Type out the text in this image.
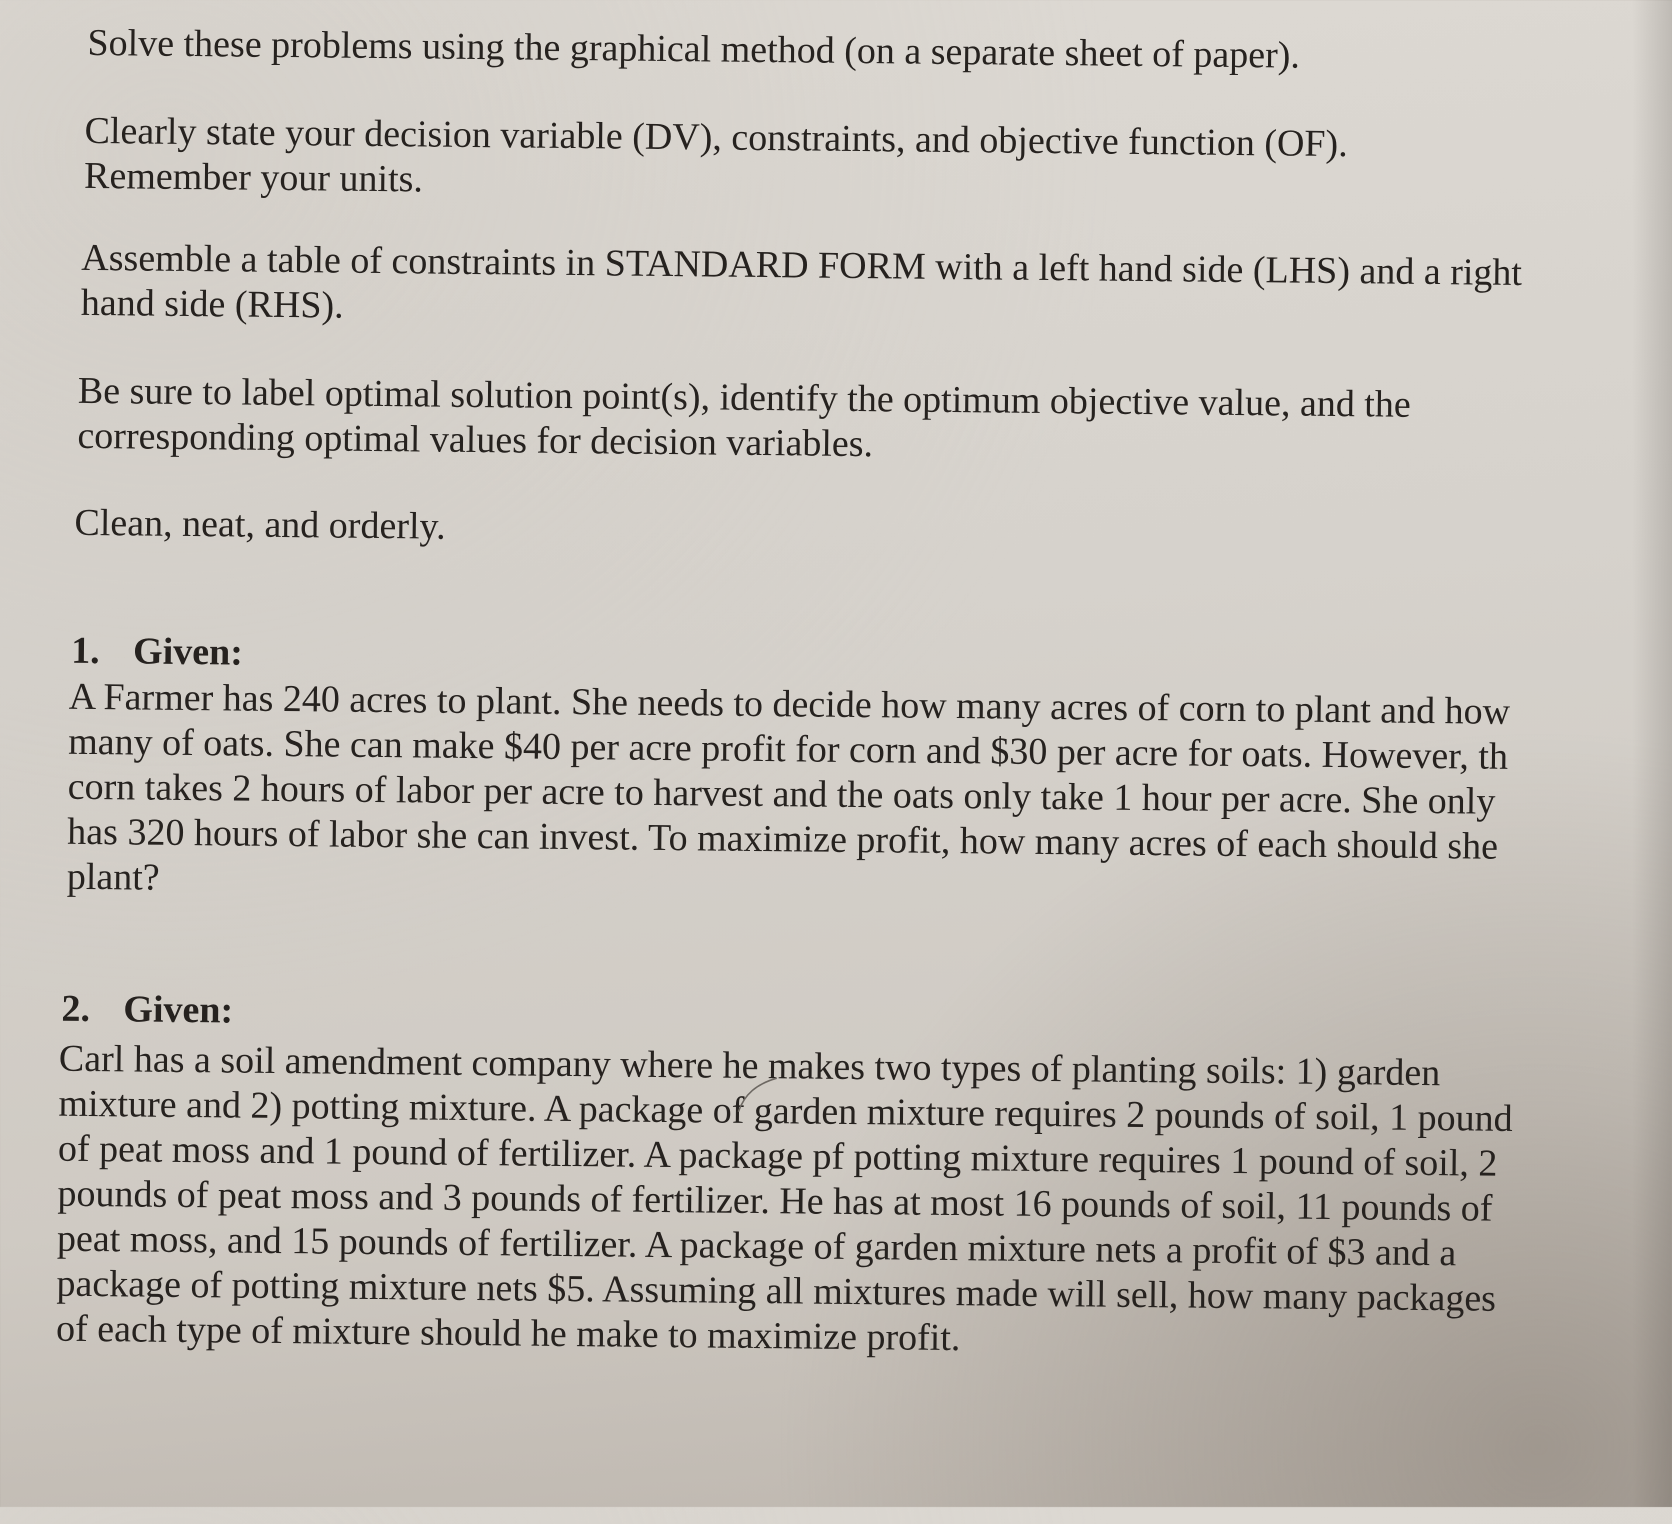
Solve these problems using the graphical method (on a separate sheet of paper).

Clearly state your decision variable (DV), constraints, and objective function (OF).
Remember your units.

Assemble a table of constraints in STANDARD FORM with a left hand side (LHS) and a right
hand side (RHS).

Be sure to label optimal solution point(s), identify the optimum objective value, and the
corresponding optimal values for decision variables.

Clean, neat, and orderly.

1. Given:

A Farmer has 240 acres to plant. She needs to decide how many acres of corn to plant and how
many of oats. She can make $40 per acre profit for corn and $30 per acre for oats. However, th
corn takes 2 hours of labor per acre to harvest and the oats only take 1 hour per acre. She only
has 320 hours of labor she can invest. To maximize profit, how many acres of each should she
plant?

2. Given:

Carl has a soil amendment company where he makes two types of planting soils: 1) garden
mixture and 2) potting mixture. A package of garden mixture requires 2 pounds of soil, 1 pound
of peat moss and 1 pound of fertilizer. A package pf potting mixture requires 1 pound of soil, 2
pounds of peat moss and 3 pounds of fertilizer. He has at most 16 pounds of soil, 11 pounds of
peat moss, and 15 pounds of fertilizer. A package of garden mixture nets a profit of $3 and a
package of potting mixture nets $5. Assuming all mixtures made will sell, how many packages
of each type of mixture should he make to maximize profit.
